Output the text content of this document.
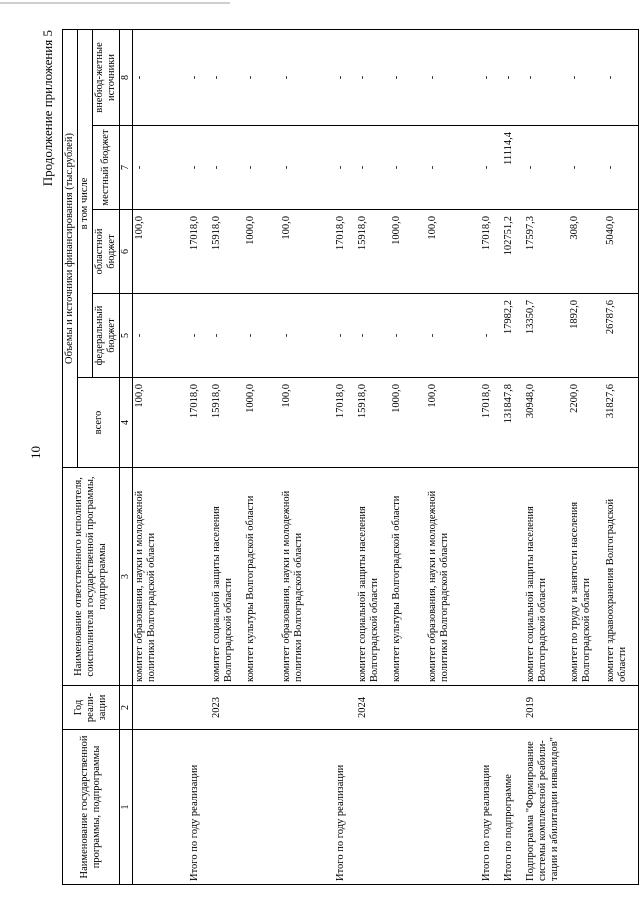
10
Продолжение приложения 5
Наименование государственной программы, подпрограммы	Год реали-зации	Наименование ответственного исполнителя, соисполнителя государственной программы, подпрограммы	Объемы и источники финансирования (тыс.рублей)				
			всего	в том числе			
				федеральный бюджет	областной бюджет	местный бюджет	внебюд-жетные источники
1	2	3	4	5	6	7	8
		комитет образования, науки и молодежной политики Волгоградской области	100,0	-	100,0	-	-
Итого по году реализации			17018,0	-	17018,0	-	-
	2023	комитет социальной защиты населения Волгоградской области	15918,0	-	15918,0	-	-
		комитет культуры Волгоградской области	1000,0	-	1000,0	-	-
		комитет образования, науки и молодежной политики Волгоградской области	100,0	-	100,0	-	-
Итого по году реализации			17018,0	-	17018,0	-	-
	2024	комитет социальной защиты населения Волгоградской области	15918,0	-	15918,0	-	-
		комитет культуры Волгоградской области	1000,0	-	1000,0	-	-
		комитет образования, науки и молодежной политики Волгоградской области	100,0	-	100,0	-	-
Итого по году реализации			17018,0	-	17018,0	-	-
Итого по подпрограмме			131847,8	17982,2	102751,2	11114,4	-
Подпрограмма "Формирование системы комплексной реабили-тации и абилитации инвалидов"	2019	комитет социальной защиты населения Волгоградской области	30948,0	13350,7	17597,3	-	-
		комитет по труду и занятости населения Волгоградской области	2200,0	1892,0	308,0	-	-
		комитет здравоохранения Волгоградской области	31827,6	26787,6	5040,0	-	-
